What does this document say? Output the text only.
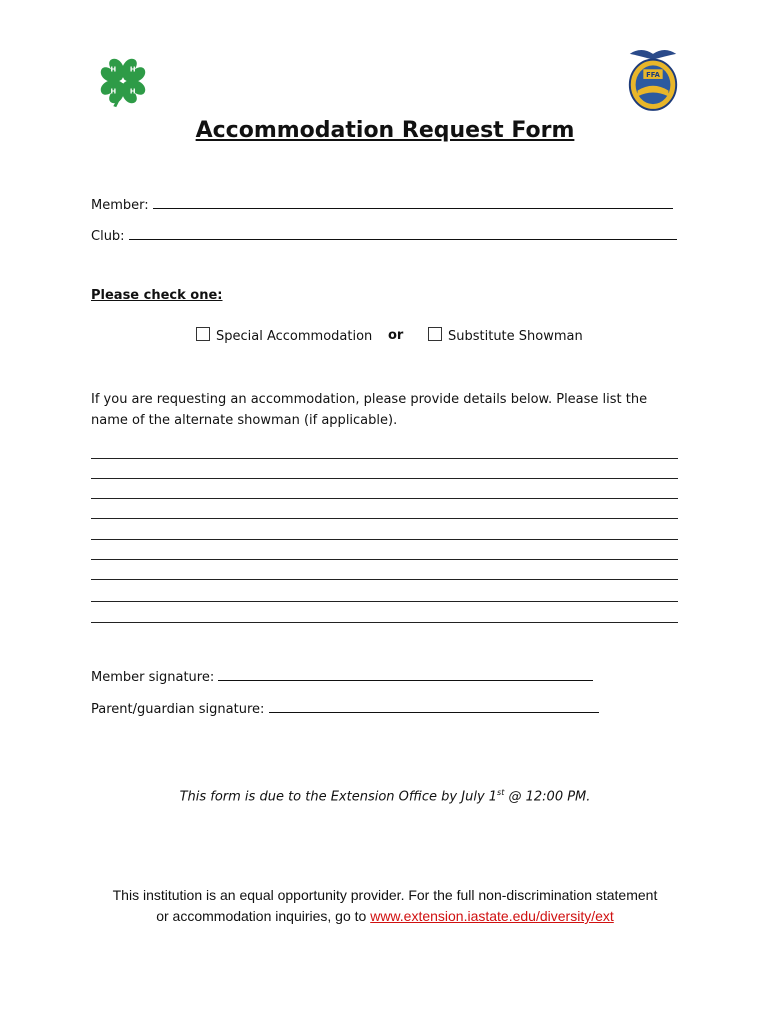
H H
H H
FFA
Accommodation Request Form
Member:
Club:
Please check one:
Special Accommodation or	Substitute Showman
If you are requesting an accommodation, please provide details below. Please list the name of the alternate showman (if applicable).
Member signature:
Parent/guardian signature:
This form is due to the Extension Office by July 1st @ 12:00 PM.
This institution is an equal opportunity provider. For the full non-discrimination statement
or accommodation inquiries, go to www.extension.iastate.edu/diversity/ext
